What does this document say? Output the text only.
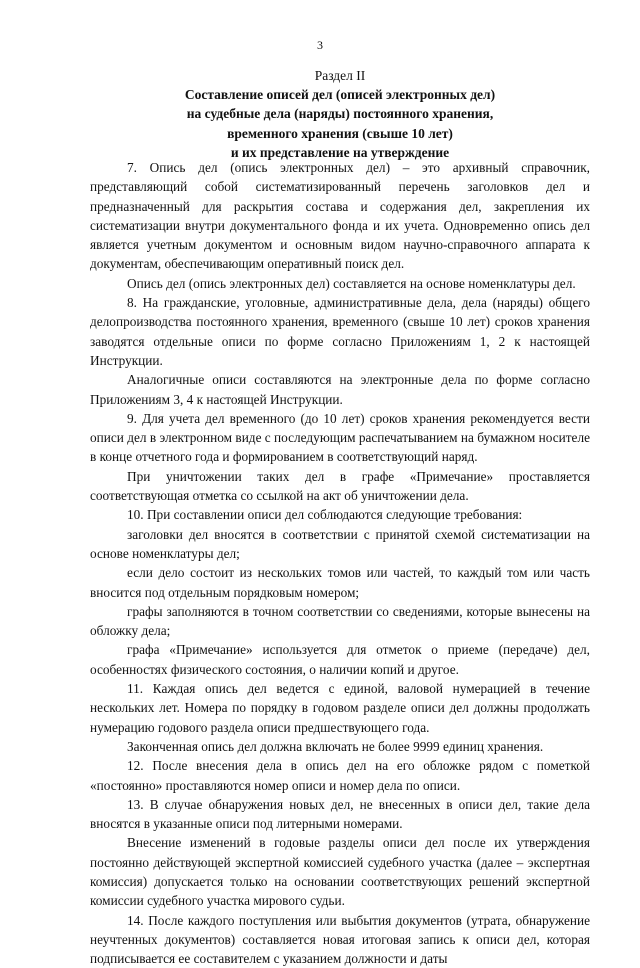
3
Раздел II
Составление описей дел (описей электронных дел)
на судебные дела (наряды) постоянного хранения,
временного хранения (свыше 10 лет)
и их представление на утверждение

7. Опись дел (опись электронных дел) – это архивный справочник, представляющий собой систематизированный перечень заголовков дел и предназначенный для раскрытия состава и содержания дел, закрепления их систематизации внутри документального фонда и их учета. Одновременно опись дел является учетным документом и основным видом научно-справочного аппарата к документам, обеспечивающим оперативный поиск дел.

Опись дел (опись электронных дел) составляется на основе номенклатуры дел.

8. На гражданские, уголовные, административные дела, дела (наряды) общего делопроизводства постоянного хранения, временного (свыше 10 лет) сроков хранения заводятся отдельные описи по форме согласно Приложениям 1, 2 к настоящей Инструкции.

Аналогичные описи составляются на электронные дела по форме согласно Приложениям 3, 4 к настоящей Инструкции.

9. Для учета дел временного (до 10 лет) сроков хранения рекомендуется вести описи дел в электронном виде с последующим распечатыванием на бумажном носителе в конце отчетного года и формированием в соответствующий наряд.

При уничтожении таких дел в графе «Примечание» проставляется соответствующая отметка со ссылкой на акт об уничтожении дела.

10. При составлении описи дел соблюдаются следующие требования:

заголовки дел вносятся в соответствии с принятой схемой систематизации на основе номенклатуры дел;

если дело состоит из нескольких томов или частей, то каждый том или часть вносится под отдельным порядковым номером;

графы заполняются в точном соответствии со сведениями, которые вынесены на обложку дела;

графа «Примечание» используется для отметок о приеме (передаче) дел, особенностях физического состояния, о наличии копий и другое.

11. Каждая опись дел ведется с единой, валовой нумерацией в течение нескольких лет. Номера по порядку в годовом разделе описи дел должны продолжать нумерацию годового раздела описи предшествующего года.

Законченная опись дел должна включать не более 9999 единиц хранения.

12. После внесения дела в опись дел на его обложке рядом с пометкой «постоянно» проставляются номер описи и номер дела по описи.

13. В случае обнаружения новых дел, не внесенных в описи дел, такие дела вносятся в указанные описи под литерными номерами.

Внесение изменений в годовые разделы описи дел после их утверждения постоянно действующей экспертной комиссией судебного участка (далее – экспертная комиссия) допускается только на основании соответствующих решений экспертной комиссии судебного участка мирового судьи.

14. После каждого поступления или выбытия документов (утрата, обнаружение неучтенных документов) составляется новая итоговая запись к описи дел, которая подписывается ее составителем с указанием должности и даты
